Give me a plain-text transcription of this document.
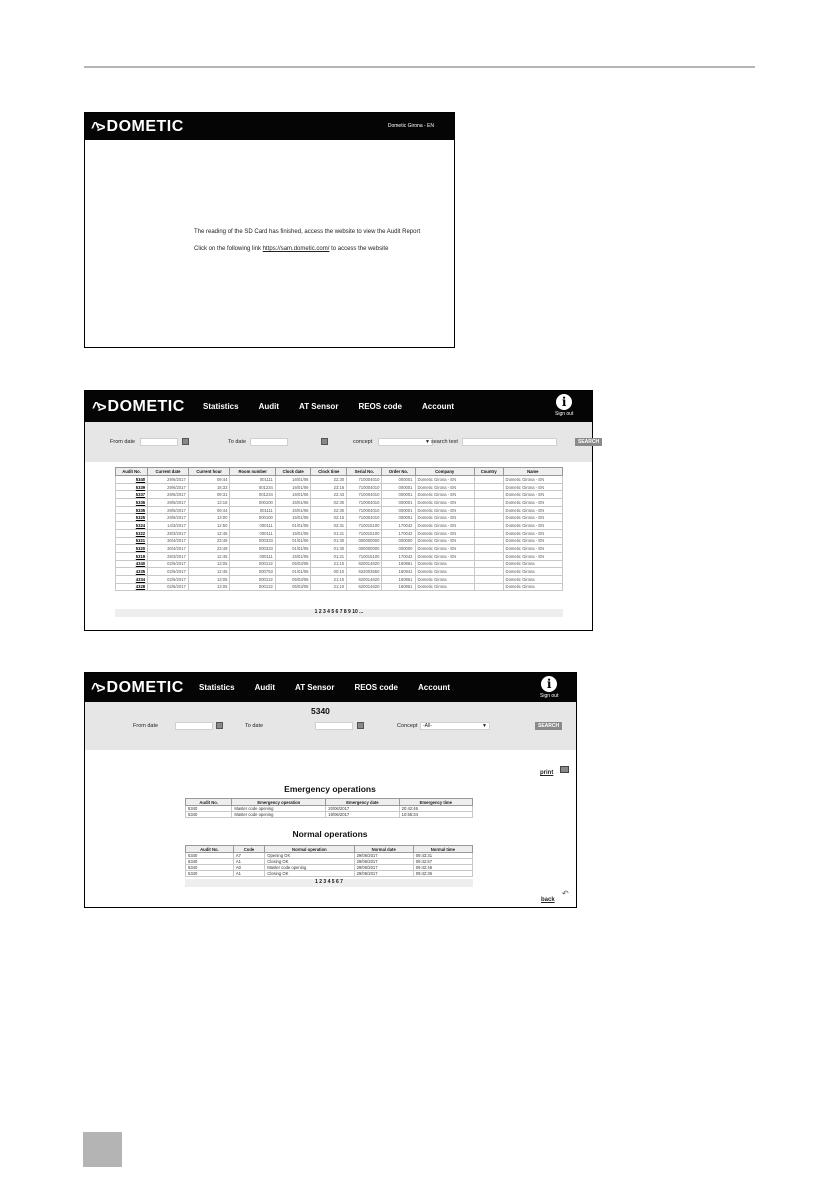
^> DOMETIC	Dometic Girona - EN
The reading of the SD Card has finished, access the website to view the Audit Report
Click on the following link https://sam.dometic.com/ to access the website
^> DOMETIC Statistics	Audit	AT Sensor	REOS code	Account	i
Sign out
From date	To date	concept	▼ search text	SEARCH
Audit No.	Current date	Current hour	Room number	Clock date	Clock time	Serial No.	Order No.	Company	Country	Name
5340	29/6/2017	09:44	001111	16/01/06	22:30	710004010	000001	Dometic Girona - EN		Dometic Girona - EN
5339	29/6/2017	16:33	001234	16/01/06	23:16	710004010	000001	Dometic Girona - EN		Dometic Girona - EN
5337	28/6/2017	09:31	001234	16/01/06	22:43	710004010	000001	Dometic Girona - EN		Dometic Girona - EN
5336	28/6/2017	13:18	000100	16/01/06	02:30	710004010	000001	Dometic Girona - EN		Dometic Girona - EN
5335	28/6/2017	09:44	001111	16/01/06	22:30	710004010	000001	Dometic Girona - EN		Dometic Girona - EN
5325	28/6/2017	13:00	000100	16/01/06	02:15	710004010	000001	Dometic Girona - EN		Dometic Girona - EN
5324	14/3/2017	12:50	000111	01/01/06	02:31	710015100	170042	Dometic Girona - EN		Dometic Girona - EN
5322	28/3/2017	12:45	000111	15/01/06	01:21	710015100	170042	Dometic Girona - EN		Dometic Girona - EN
5321	30/4/2017	23:49	000333	01/01/06	01:30	000000000	000000	Dometic Girona - EN		Dometic Girona - EN
5320	30/4/2017	23:49	000333	01/01/06	01:30	000000000	000000	Dometic Girona - EN		Dometic Girona - EN
5319	28/3/2017	12:45	000111	15/01/06	01:21	710015100	170042	Dometic Girona - EN		Dometic Girona - EN
4340	02/6/2017	13:05	000122	05/03/06	21:10	620014620	160861	Dometic Girona		Dometic Girona
4335	02/6/2017	12:45	000753	01/01/06	00:10	632003550	160941	Dometic Girona		Dometic Girona
4334	02/6/2017	13:05	000122	05/03/06	21:10	620014620	160861	Dometic Girona		Dometic Girona
4328	02/6/2017	13:05	000122	05/03/06	21:10	620014620	160861	Dometic Girona		Dometic Girona
1 2 3 4 5 6 7 8 9 10 ...
^> DOMETIC Statistics	Audit	AT Sensor	REOS code	Account	i
Sign out
5340
From date	To date	Concept	-All-	▼	SEARCH
print
Emergency operations
Audit No.	Emergency operation	Emergency date	Emergency time
5340	Master code opening	20/06/2017	20:42:46
5340	Master code opening	19/06/2017	10:55:34
Normal operations
Audit No.	Code	Normal operation	Normal date	Normal time
5340	A7	Opening OK	29/06/2017	09:43:31
5340	A1	Closing OK	29/06/2017	09:42:57
5340	A0	Master code opening	29/06/2017	09:42:46
5340	A1	Closing OK	29/06/2017	09:42:36
1 2 3 4 5 6 7
back
↶
